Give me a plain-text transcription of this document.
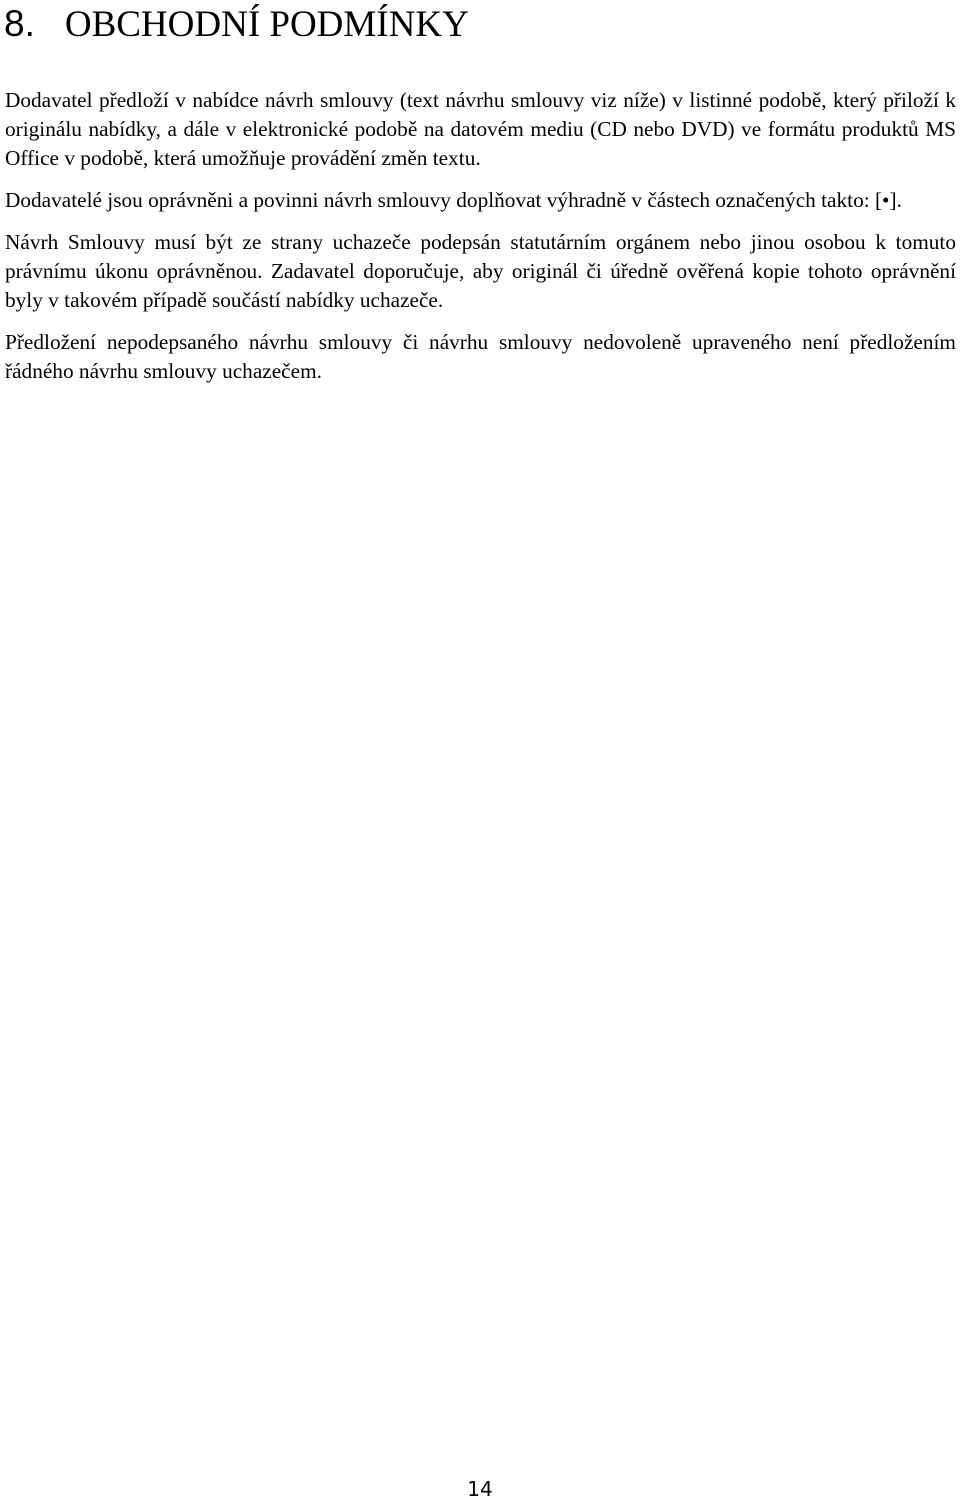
8. OBCHODNÍ PODMÍNKY

Dodavatel předloží v nabídce návrh smlouvy (text návrhu smlouvy viz níže) v listinné podobě, který přiloží k originálu nabídky, a dále v elektronické podobě na datovém mediu (CD nebo DVD) ve formátu produktů MS Office v podobě, která umožňuje provádění změn textu.

Dodavatelé jsou oprávněni a povinni návrh smlouvy doplňovat výhradně v částech označených takto: [•].

Návrh Smlouvy musí být ze strany uchazeče podepsán statutárním orgánem nebo jinou osobou k tomuto právnímu úkonu oprávněnou. Zadavatel doporučuje, aby originál či úředně ověřená kopie tohoto oprávnění byly v takovém případě součástí nabídky uchazeče.

Předložení nepodepsaného návrhu smlouvy či návrhu smlouvy nedovoleně upraveného není předložením řádného návrhu smlouvy uchazečem.

14
